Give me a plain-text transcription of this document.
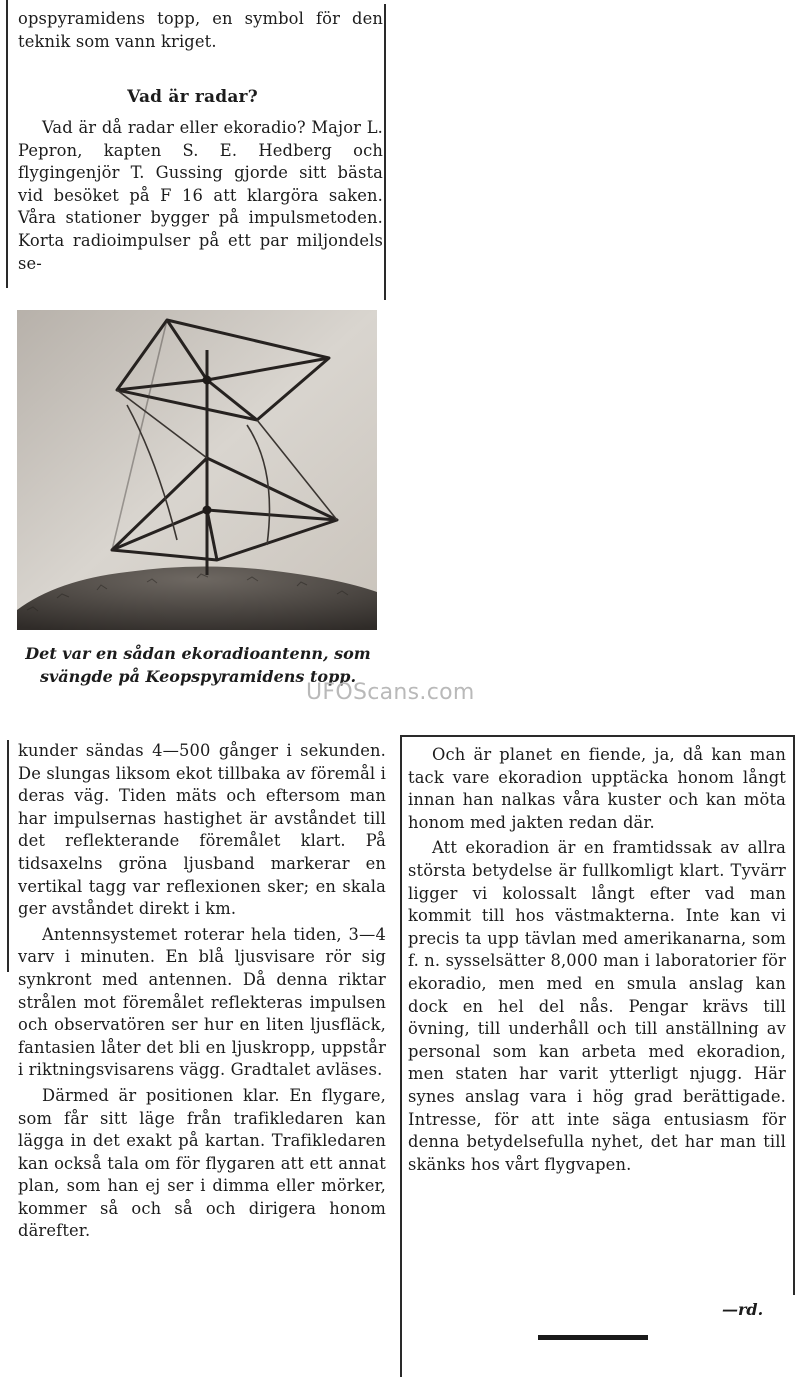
opspyramidens topp, en symbol för den teknik som vann kriget.

Vad är radar?

Vad är då radar eller ekoradio? Major L. Pepron, kapten S. E. Hedberg och flygingenjör T. Gussing gjorde sitt bästa vid besöket på F 16 att klargöra saken. Våra stationer bygger på impulsmetoden. Korta radioimpulser på ett par miljondels se-

Det var en sådan ekoradioantenn, som svängde på Keopspyramidens topp.
UFOScans.com

kunder sändas 4—500 gånger i sekunden. De slungas liksom ekot tillbaka av föremål i deras väg. Tiden mäts och eftersom man har impulsernas hastighet är avståndet till det reflekterande föremålet klart. På tidsaxelns gröna ljusband markerar en vertikal tagg var reflexionen sker; en skala ger avståndet direkt i km.

Antennsystemet roterar hela tiden, 3—4 varv i minuten. En blå ljusvisare rör sig synkront med antennen. Då denna riktar strålen mot föremålet reflekteras impulsen och observatören ser hur en liten ljusfläck, fantasien låter det bli en ljuskropp, uppstår i riktningsvisarens vägg. Gradtalet avläses.

Därmed är positionen klar. En flygare, som får sitt läge från trafikledaren kan lägga in det exakt på kartan. Trafikledaren kan också tala om för flygaren att ett annat plan, som han ej ser i dimma eller mörker, kommer så och så och dirigera honom därefter.

Och är planet en fiende, ja, då kan man tack vare ekoradion upptäcka honom långt innan han nalkas våra kuster och kan möta honom med jakten redan där.

Att ekoradion är en framtidssak av allra största betydelse är fullkomligt klart. Tyvärr ligger vi kolossalt långt efter vad man kommit till hos västmakterna. Inte kan vi precis ta upp tävlan med amerikanarna, som f. n. sysselsätter 8,000 man i laboratorier för ekoradio, men med en smula anslag kan dock en hel del nås. Pengar krävs till övning, till underhåll och till anställning av personal som kan arbeta med ekoradion, men staten har varit ytterligt njugg. Här synes anslag vara i hög grad berättigade. Intresse, för att inte säga entusiasm för denna betydelsefulla nyhet, det har man till skänks hos vårt flygvapen.

—rd.
